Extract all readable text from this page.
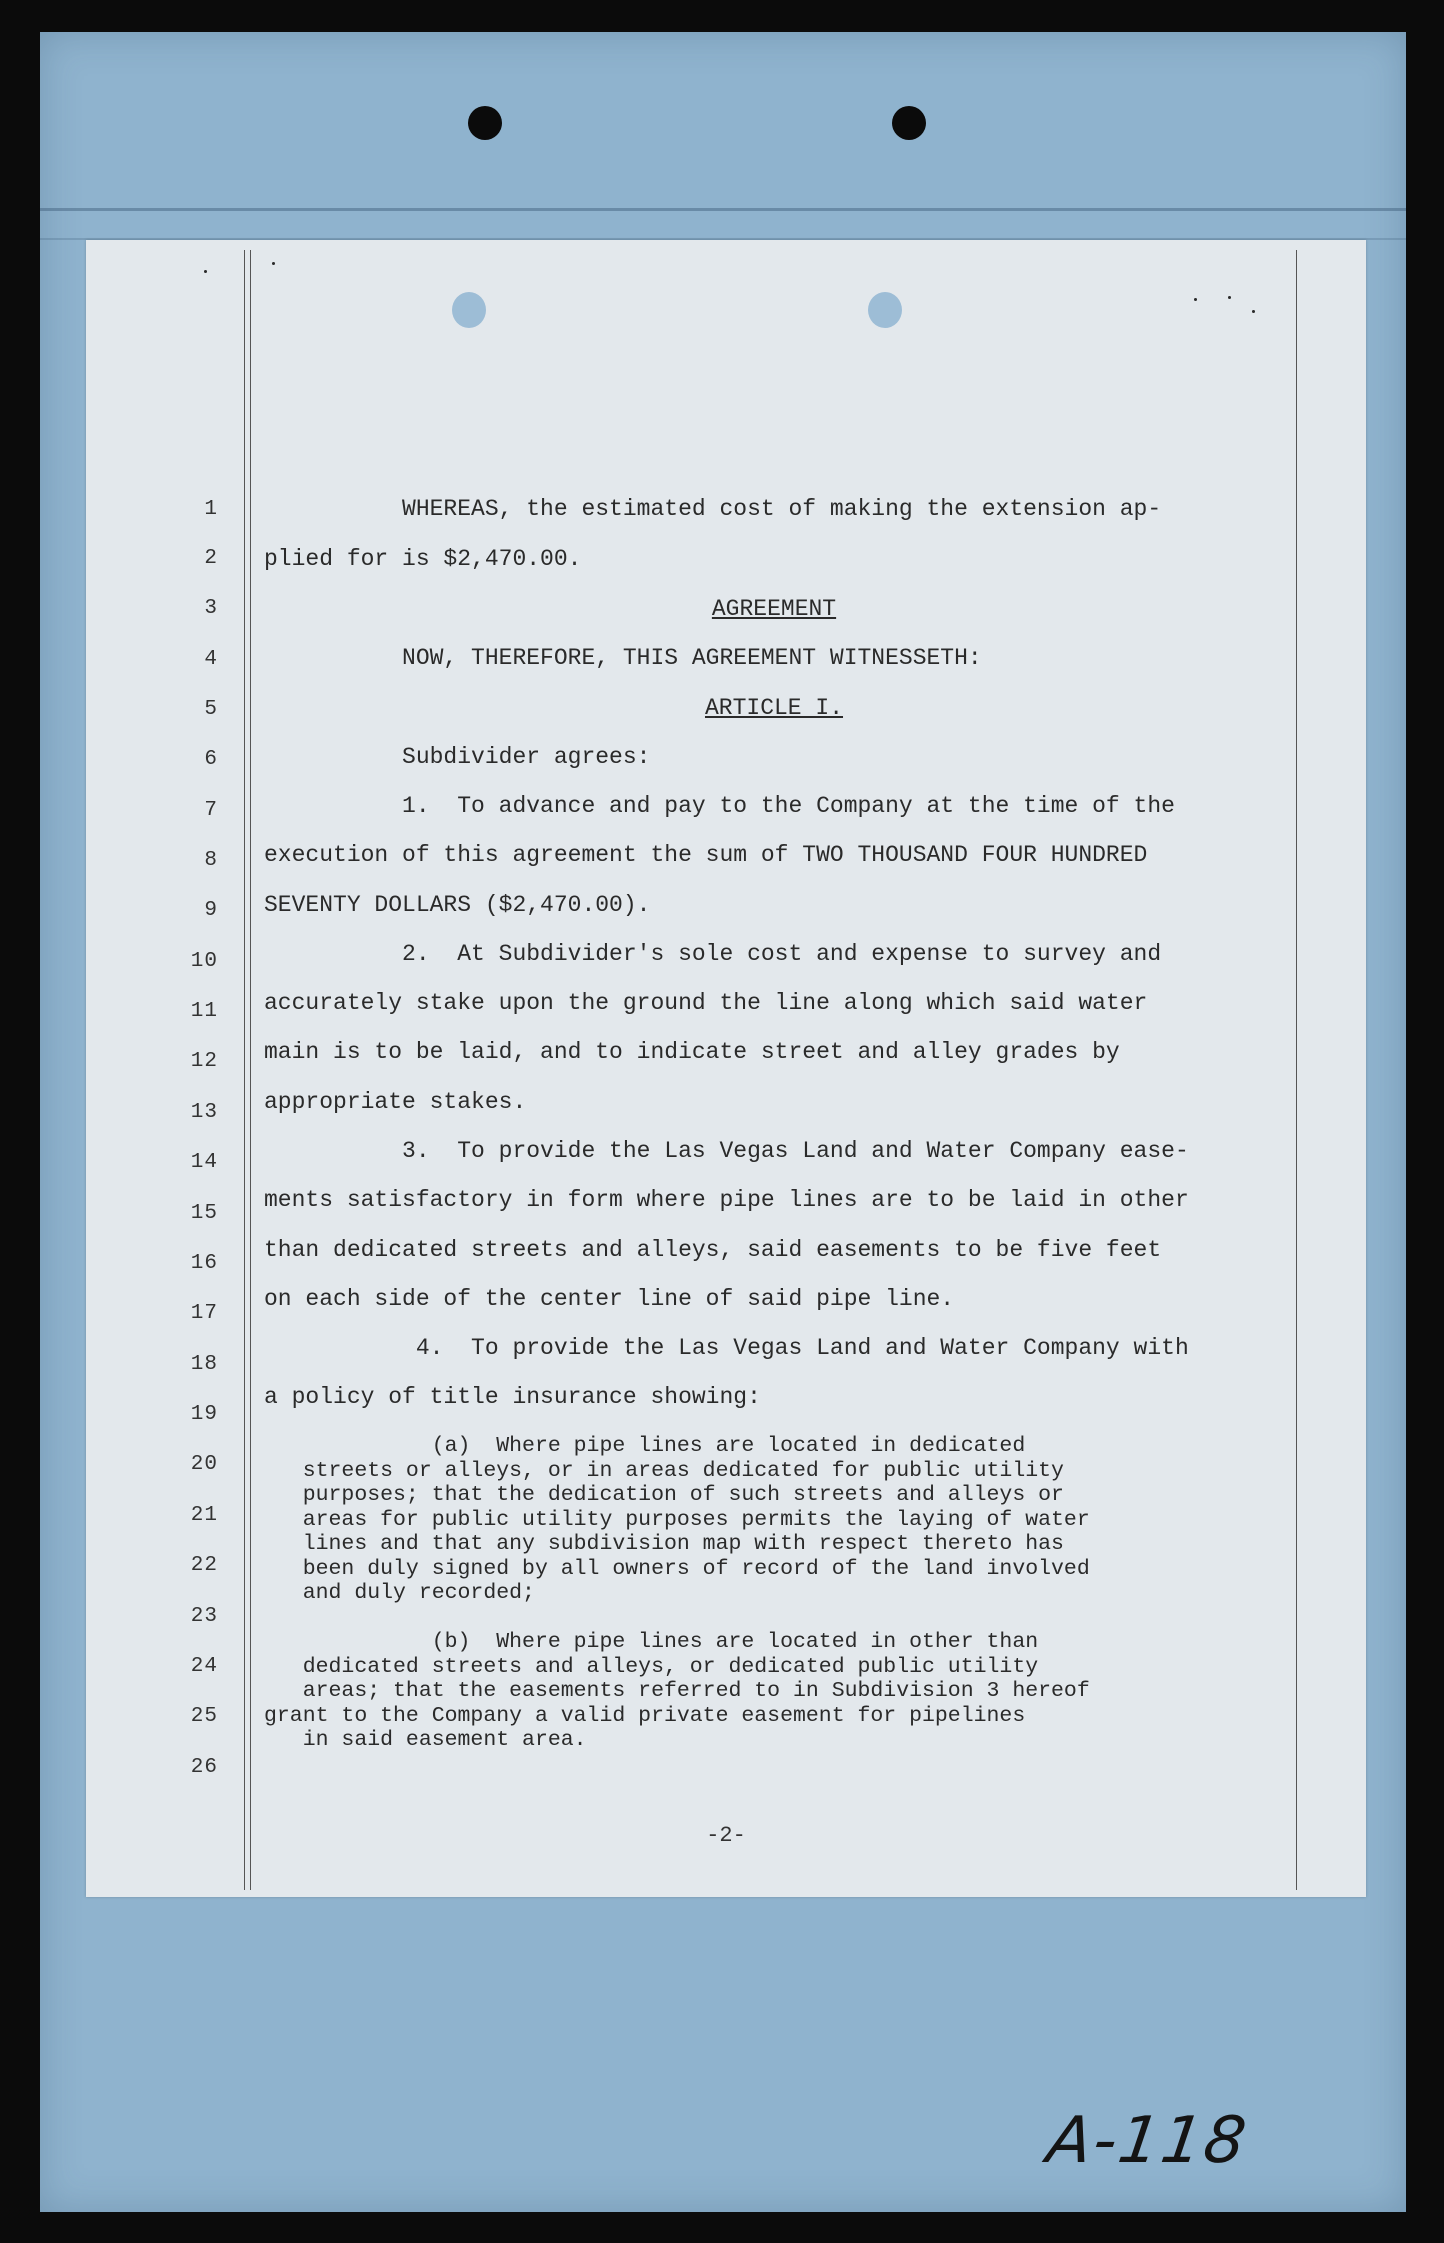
1
2
3
4
5
6
7
8
9
10
11
12
13
14
15
16
17
18
19
20
21
22
23
24
25
26
WHEREAS, the estimated cost of making the extension ap-
plied for is $2,470.00.
AGREEMENT
NOW, THEREFORE, THIS AGREEMENT WITNESSETH:
ARTICLE I.
Subdivider agrees:
1.  To advance and pay to the Company at the time of the
execution of this agreement the sum of TWO THOUSAND FOUR HUNDRED
SEVENTY DOLLARS ($2,470.00).
2.  At Subdivider's sole cost and expense to survey and
accurately stake upon the ground the line along which said water
main is to be laid, and to indicate street and alley grades by
appropriate stakes.
3.  To provide the Las Vegas Land and Water Company ease-
ments satisfactory in form where pipe lines are to be laid in other
than dedicated streets and alleys, said easements to be five feet
on each side of the center line of said pipe line.
4.  To provide the Las Vegas Land and Water Company with
a policy of title insurance showing:
(a)  Where pipe lines are located in dedicated
streets or alleys, or in areas dedicated for public utility
purposes; that the dedication of such streets and alleys or
areas for public utility purposes permits the laying of water
lines and that any subdivision map with respect thereto has
been duly signed by all owners of record of the land involved
and duly recorded;
(b)  Where pipe lines are located in other than
dedicated streets and alleys, or dedicated public utility
areas; that the easements referred to in Subdivision 3 hereof
grant to the Company a valid private easement for pipelines
in said easement area.
-2-
A-118
